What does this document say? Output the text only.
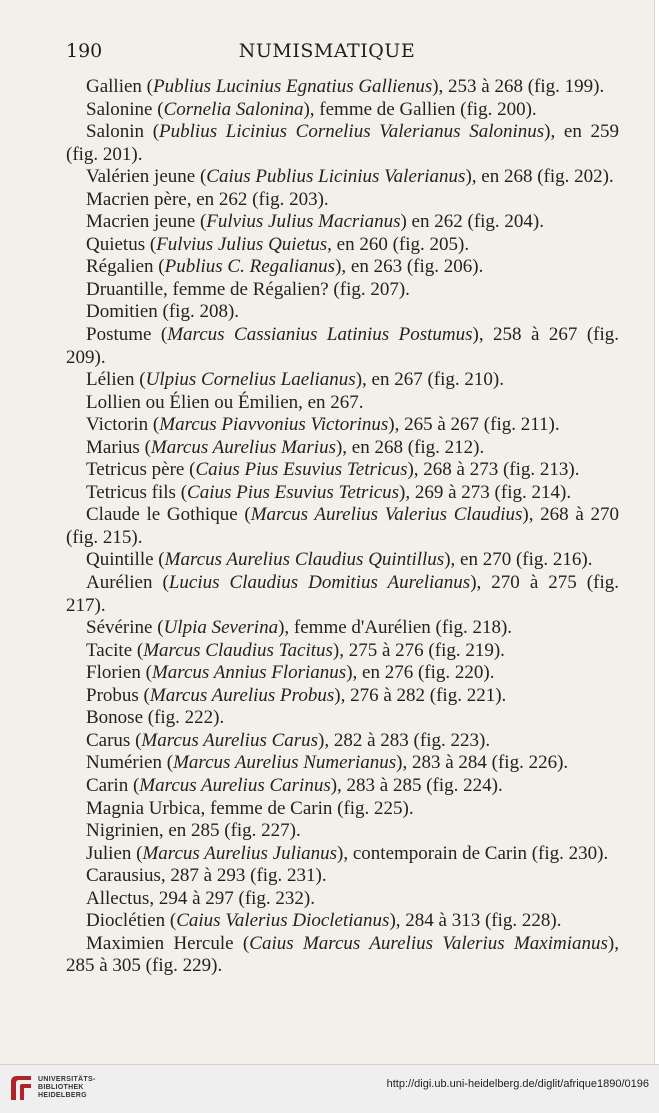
190	NUMISMATIQUE
Gallien (Publius Lucinius Egnatius Gallienus), 253 à 268 (fig. 199).
Salonine (Cornelia Salonina), femme de Gallien (fig. 200).
Salonin (Publius Licinius Cornelius Valerianus Saloninus), en 259 (fig. 201).
Valérien jeune (Caius Publius Licinius Valerianus), en 268 (fig. 202).
Macrien père, en 262 (fig. 203).
Macrien jeune (Fulvius Julius Macrianus) en 262 (fig. 204).
Quietus (Fulvius Julius Quietus, en 260 (fig. 205).
Régalien (Publius C. Regalianus), en 263 (fig. 206).
Druantille, femme de Régalien? (fig. 207).
Domitien (fig. 208).
Postume (Marcus Cassianius Latinius Postumus), 258 à 267 (fig. 209).
Lélien (Ulpius Cornelius Laelianus), en 267 (fig. 210).
Lollien ou Élien ou Émilien, en 267.
Victorin (Marcus Piavvonius Victorinus), 265 à 267 (fig. 211).
Marius (Marcus Aurelius Marius), en 268 (fig. 212).
Tetricus père (Caius Pius Esuvius Tetricus), 268 à 273 (fig. 213).
Tetricus fils (Caius Pius Esuvius Tetricus), 269 à 273 (fig. 214).
Claude le Gothique (Marcus Aurelius Valerius Claudius), 268 à 270 (fig. 215).
Quintille (Marcus Aurelius Claudius Quintillus), en 270 (fig. 216).
Aurélien (Lucius Claudius Domitius Aurelianus), 270 à 275 (fig. 217).
Sévérine (Ulpia Severina), femme d'Aurélien (fig. 218).
Tacite (Marcus Claudius Tacitus), 275 à 276 (fig. 219).
Florien (Marcus Annius Florianus), en 276 (fig. 220).
Probus (Marcus Aurelius Probus), 276 à 282 (fig. 221).
Bonose (fig. 222).
Carus (Marcus Aurelius Carus), 282 à 283 (fig. 223).
Numérien (Marcus Aurelius Numerianus), 283 à 284 (fig. 226).
Carin (Marcus Aurelius Carinus), 283 à 285 (fig. 224).
Magnia Urbica, femme de Carin (fig. 225).
Nigrinien, en 285 (fig. 227).
Julien (Marcus Aurelius Julianus), contemporain de Carin (fig. 230).
Carausius, 287 à 293 (fig. 231).
Allectus, 294 à 297 (fig. 232).
Dioclétien (Caius Valerius Diocletianus), 284 à 313 (fig. 228).
Maximien Hercule (Caius Marcus Aurelius Valerius Maximianus), 285 à 305 (fig. 229).
UNIVERSITÄTS-
BIBLIOTHEK
HEIDELBERG
http://digi.ub.uni-heidelberg.de/diglit/afrique1890/0196
